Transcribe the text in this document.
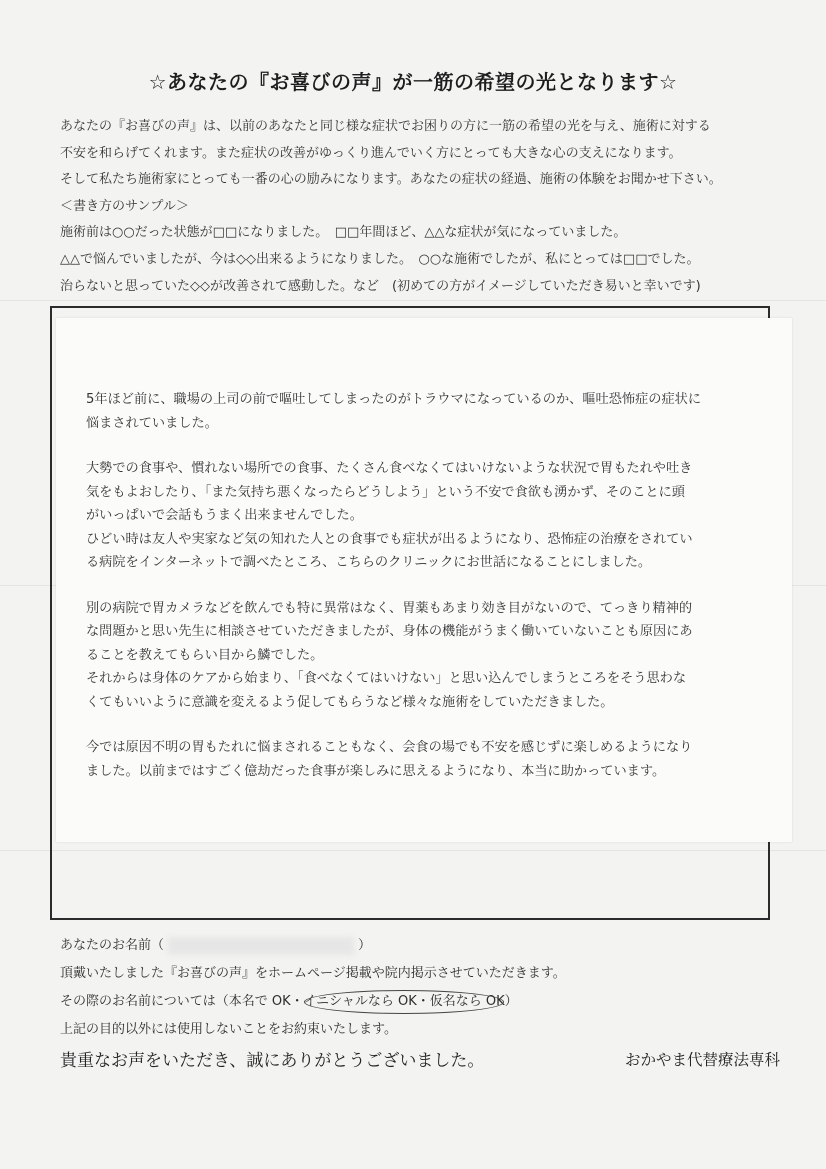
☆あなたの『お喜びの声』が一筋の希望の光となります☆
あなたの『お喜びの声』は、以前のあなたと同じ様な症状でお困りの方に一筋の希望の光を与え、施術に対する
不安を和らげてくれます。また症状の改善がゆっくり進んでいく方にとっても大きな心の支えになります。
そして私たち施術家にとっても一番の心の励みになります。あなたの症状の経過、施術の体験をお聞かせ下さい。
＜書き方のサンプル＞
施術前は○○だった状態が□□になりました。　□□年間ほど、△△な症状が気になっていました。
△△で悩んでいましたが、今は◇◇出来るようになりました。　○○な施術でしたが、私にとっては□□でした。
治らないと思っていた◇◇が改善されて感動した。など　(初めての方がイメージしていただき易いと幸いです)
5年ほど前に、職場の上司の前で嘔吐してしまったのがトラウマになっているのか、嘔吐恐怖症の症状に
悩まされていました。
大勢での食事や、慣れない場所での食事、たくさん食べなくてはいけないような状況で胃もたれや吐き
気をもよおしたり、「また気持ち悪くなったらどうしよう」という不安で食欲も湧かず、そのことに頭
がいっぱいで会話もうまく出来ませんでした。
ひどい時は友人や実家など気の知れた人との食事でも症状が出るようになり、恐怖症の治療をされてい
る病院をインターネットで調べたところ、こちらのクリニックにお世話になることにしました。
別の病院で胃カメラなどを飲んでも特に異常はなく、胃薬もあまり効き目がないので、てっきり精神的
な問題かと思い先生に相談させていただきましたが、身体の機能がうまく働いていないことも原因にあ
ることを教えてもらい目から鱗でした。
それからは身体のケアから始まり、「食べなくてはいけない」と思い込んでしまうところをそう思わな
くてもいいように意識を変えるよう促してもらうなど様々な施術をしていただきました。
今では原因不明の胃もたれに悩まされることもなく、会食の場でも不安を感じずに楽しめるようになり
ました。以前まではすごく億劫だった食事が楽しみに思えるようになり、本当に助かっています。
あなたのお名前（	）
頂戴いたしました『お喜びの声』をホームページ掲載や院内掲示させていただきます。
その際のお名前については（本名で OK・イニシャルなら OK・仮名なら OK）
上記の目的以外には使用しないことをお約束いたします。
貴重なお声をいただき、誠にありがとうございました。	おかやま代替療法専科
